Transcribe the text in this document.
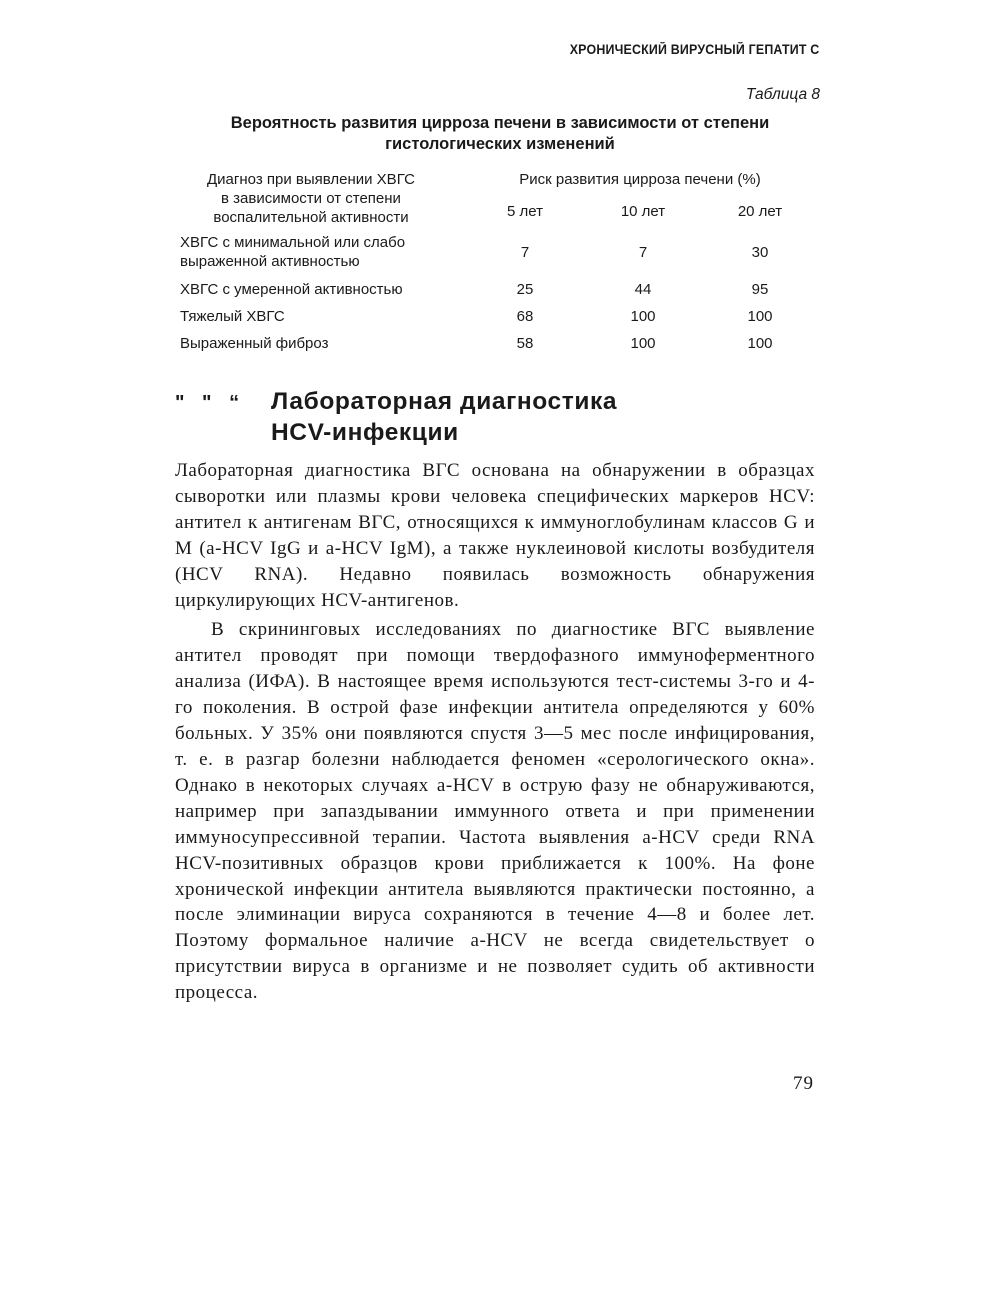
ХРОНИЧЕСКИЙ ВИРУСНЫЙ ГЕПАТИТ С
Таблица 8
Вероятность развития цирроза печени в зависимости от степени
гистологических изменений
Диагноз при выявлении ХВГС
в зависимости от степени
воспалительной активности
Риск развития цирроза печени (%)
5 лет	10 лет	20 лет
ХВГС с минимальной или слабо
выраженной активностью
7	7	30
ХВГС с умеренной активностью	25	44	95
Тяжелый ХВГС	68	100	100
Выраженный фиброз	58	100	100
" " “ Лабораторная диагностика
HCV-инфекции

Лабораторная диагностика ВГС основана на обнаружении в образцах сыворотки или плазмы крови человека специфических маркеров HCV: антител к антигенам ВГС, относящихся к иммуноглобулинам классов G и M (a-HCV IgG и a-HCV IgM), а также нуклеиновой кислоты возбудителя (HCV RNA). Недавно появилась возможность обнаружения циркулирующих HCV-антигенов.

В скрининговых исследованиях по диагностике ВГС выявление антител проводят при помощи твердофазного иммуноферментного анализа (ИФА). В настоящее время используются тест-системы 3-го и 4-го поколения. В острой фазе инфекции антитела определяются у 60% больных. У 35% они появляются спустя 3—5 мес после инфицирования, т. е. в разгар болезни наблюдается феномен «серологического окна». Однако в некоторых случаях a-HCV в острую фазу не обнаруживаются, например при запаздывании иммунного ответа и при применении иммуносупрессивной терапии. Частота выявления a-HCV среди RNA HCV-позитивных образцов крови приближается к 100%. На фоне хронической инфекции антитела выявляются практически постоянно, а после элиминации вируса сохраняются в течение 4—8 и более лет. Поэтому формальное наличие a-HCV не всегда свидетельствует о присутствии вируса в организме и не позволяет судить об активности процесса.

79
